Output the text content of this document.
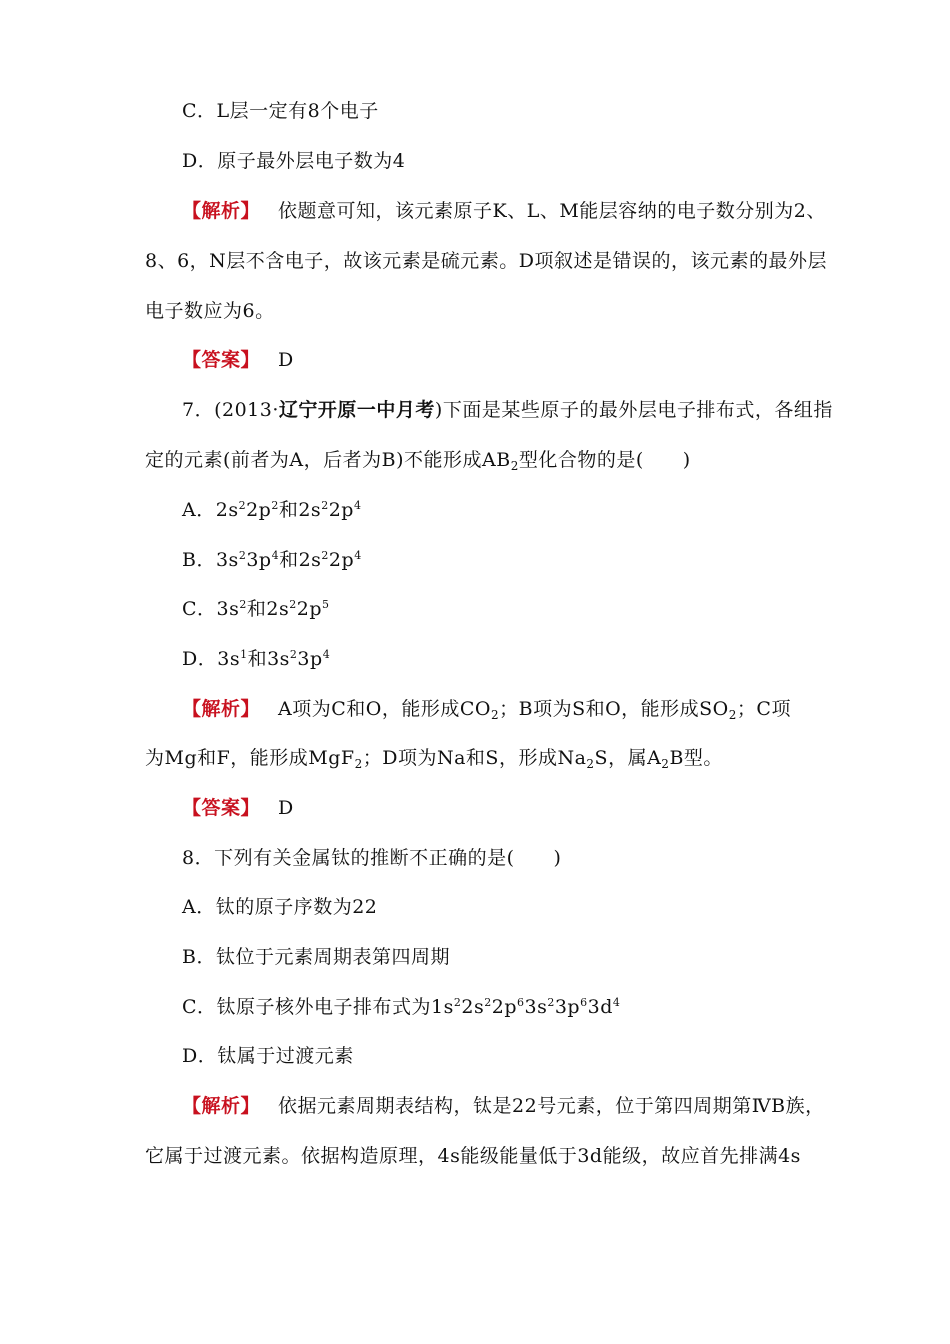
C．L层一定有8个电子
D．原子最外层电子数为4
【解析】 依题意可知，该元素原子K、L、M能层容纳的电子数分别为2、
8、6，N层不含电子，故该元素是硫元素。D项叙述是错误的，该元素的最外层
电子数应为6。
【答案】 D
7．(2013·辽宁开原一中月考)下面是某些原子的最外层电子排布式，各组指
定的元素(前者为A，后者为B)不能形成$AB_2$型化合物的是(　　)
A．$2s^22p^2$和$2s^22p^4$
B．$3s^23p^4$和$2s^22p^4$
C．$3s^2$和$2s^22p^5$
D．$3s^1$和$3s^23p^4$
【解析】 A项为C和O，能形成$CO_2$；B项为S和O，能形成$SO_2$；C项
为Mg和F，能形成MgF$_2$；D项为Na和S，形成$Na_2S$，属$A_2B$型。
【答案】 D
8．下列有关金属钛的推断不正确的是(　　)
A．钛的原子序数为22
B．钛位于元素周期表第四周期
C．钛原子核外电子排布式为$1s^22s^22p^63s^23p^63d^4$
D．钛属于过渡元素
【解析】 依据元素周期表结构，钛是22号元素，位于第四周期第ⅣB族，
它属于过渡元素。依据构造原理，4s能级能量低于3d能级，故应首先排满4s
